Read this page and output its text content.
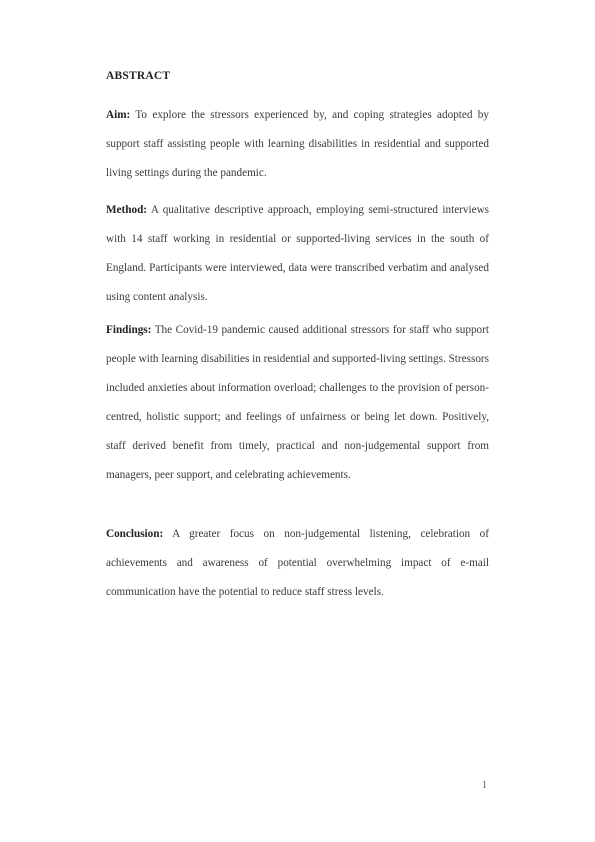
ABSTRACT

Aim: To explore the stressors experienced by, and coping strategies adopted by support staff assisting people with learning disabilities in residential and supported living settings during the pandemic.

Method: A qualitative descriptive approach, employing semi-structured interviews with 14 staff working in residential or supported-living services in the south of England. Participants were interviewed, data were transcribed verbatim and analysed using content analysis.

Findings: The Covid-19 pandemic caused additional stressors for staff who support people with learning disabilities in residential and supported-living settings. Stressors included anxieties about information overload; challenges to the provision of person-centred, holistic support; and feelings of unfairness or being let down. Positively, staff derived benefit from timely, practical and non-judgemental support from managers, peer support, and celebrating achievements.

Conclusion: A greater focus on non-judgemental listening, celebration of achievements and awareness of potential overwhelming impact of e-mail communication have the potential to reduce staff stress levels.

1
